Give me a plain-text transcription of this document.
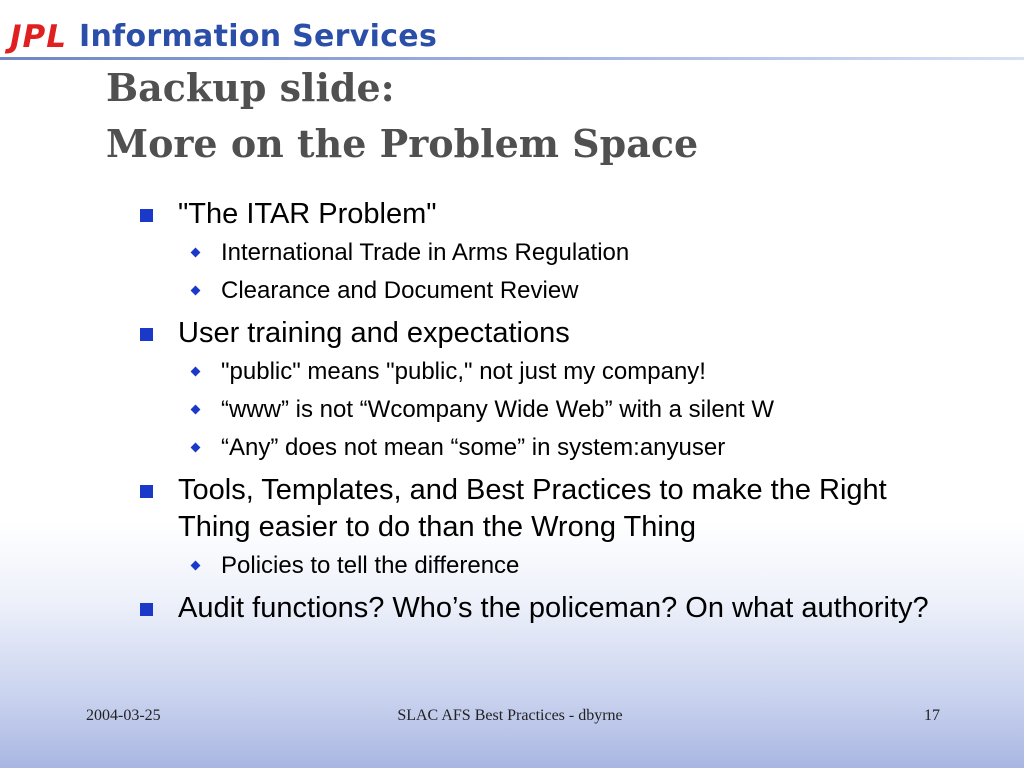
JPL Information Services
Backup slide:
More on the Problem Space
"The ITAR Problem"
International Trade in Arms Regulation
Clearance and Document Review
User training and expectations
"public" means "public," not just my company!
“www” is not “Wcompany Wide Web” with a silent W
“Any” does not mean “some” in system:anyuser
Tools, Templates, and Best Practices to make the Right Thing easier to do than the Wrong Thing
Policies to tell the difference
Audit functions? Who’s the policeman? On what authority?
2004-03-25	SLAC AFS Best Practices - dbyrne	17
